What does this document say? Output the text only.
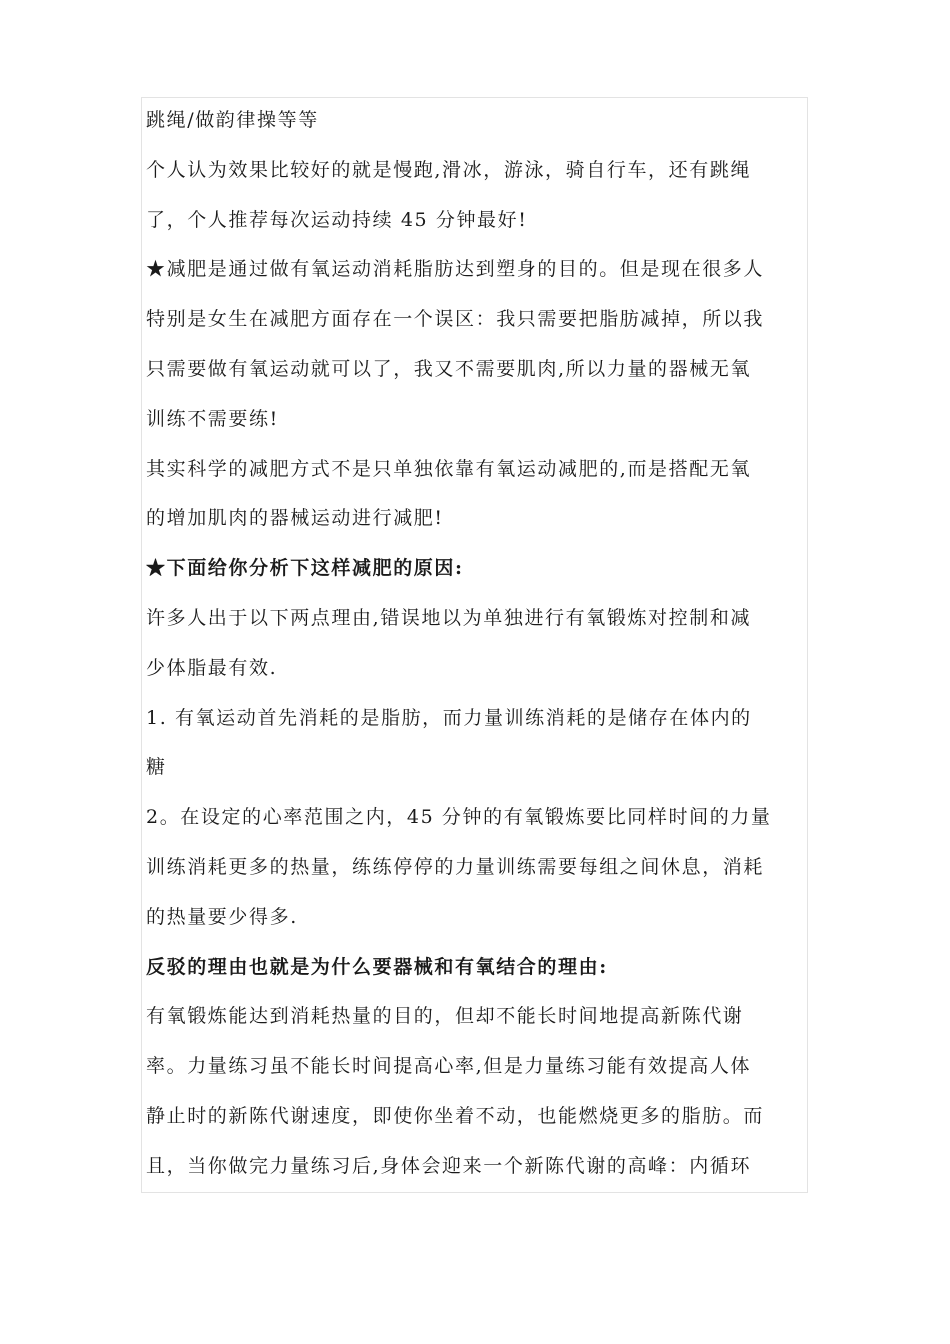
跳绳/做韵律操等等
个人认为效果比较好的就是慢跑,滑冰，游泳，骑自行车，还有跳绳
了，个人推荐每次运动持续 45 分钟最好!
★减肥是通过做有氧运动消耗脂肪达到塑身的目的。但是现在很多人
特别是女生在减肥方面存在一个误区：我只需要把脂肪减掉，所以我
只需要做有氧运动就可以了，我又不需要肌肉,所以力量的器械无氧
训练不需要练!
其实科学的减肥方式不是只单独依靠有氧运动减肥的,而是搭配无氧
的增加肌肉的器械运动进行减肥!
★下面给你分析下这样减肥的原因:
许多人出于以下两点理由,错误地以为单独进行有氧锻炼对控制和减
少体脂最有效.
1. 有氧运动首先消耗的是脂肪，而力量训练消耗的是储存在体内的
糖
2。在设定的心率范围之内，45 分钟的有氧锻炼要比同样时间的力量
训练消耗更多的热量，练练停停的力量训练需要每组之间休息，消耗
的热量要少得多.
反驳的理由也就是为什么要器械和有氧结合的理由:
有氧锻炼能达到消耗热量的目的，但却不能长时间地提高新陈代谢
率。力量练习虽不能长时间提高心率,但是力量练习能有效提高人体
静止时的新陈代谢速度，即使你坐着不动，也能燃烧更多的脂肪。而
且，当你做完力量练习后,身体会迎来一个新陈代谢的高峰：内循环
